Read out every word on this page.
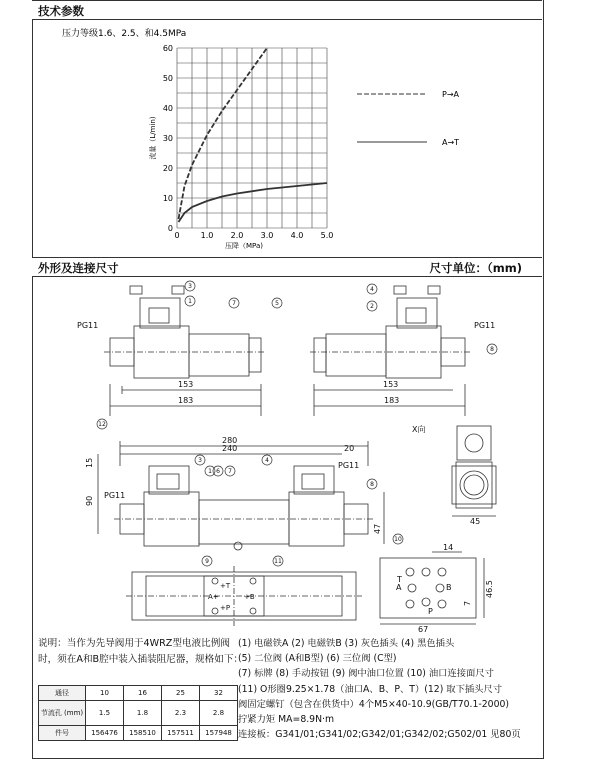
技术参数
压力等级1.6、2.5、和4.5MPa
0	1.0 2.0 3.0 4.0 5.0
0
10
20
30
40
50
60
压降（MPa)
流量（L/min)
P→A
A→T
外形及连接尺寸	尺寸单位：（mm)
PG11	PG11
PG11
PG11
X向
153
183
153
183
280
240	20
15
90
47
45
14
46.5
7
67
T
A	B
P
+T
A+	+B
+P
3
1	7	5
4
2
8
12
3
1 6 7
4
8
9	11
10
说明：当作为先导阀用于4WRZ型电液比例阀时，须在A和B腔中装入插装阻尼器，规格如下：
通径	10	16	25	32
节流孔 (mm)	1.5	1.8	2.3	2.8
件号	156476	158510	157511	157948
(1) 电磁铁A (2) 电磁铁B (3) 灰色插头 (4) 黑色插头
(5) 二位阀 (A和B型) (6) 三位阀 (C型)
(7) 标牌 (8) 手动按钮 (9) 阀中油口位置 (10) 油口连接面尺寸
(11) O形圈9.25×1.78（油口A、B、P、T）(12) 取下插头尺寸
阀固定螺钉（包含在供货中）4个M5×40-10.9(GB/T70.1-2000)
拧紧力矩 MA=8.9N·m
连接板：G341/01;G341/02;G342/01;G342/02;G502/01 见80页
